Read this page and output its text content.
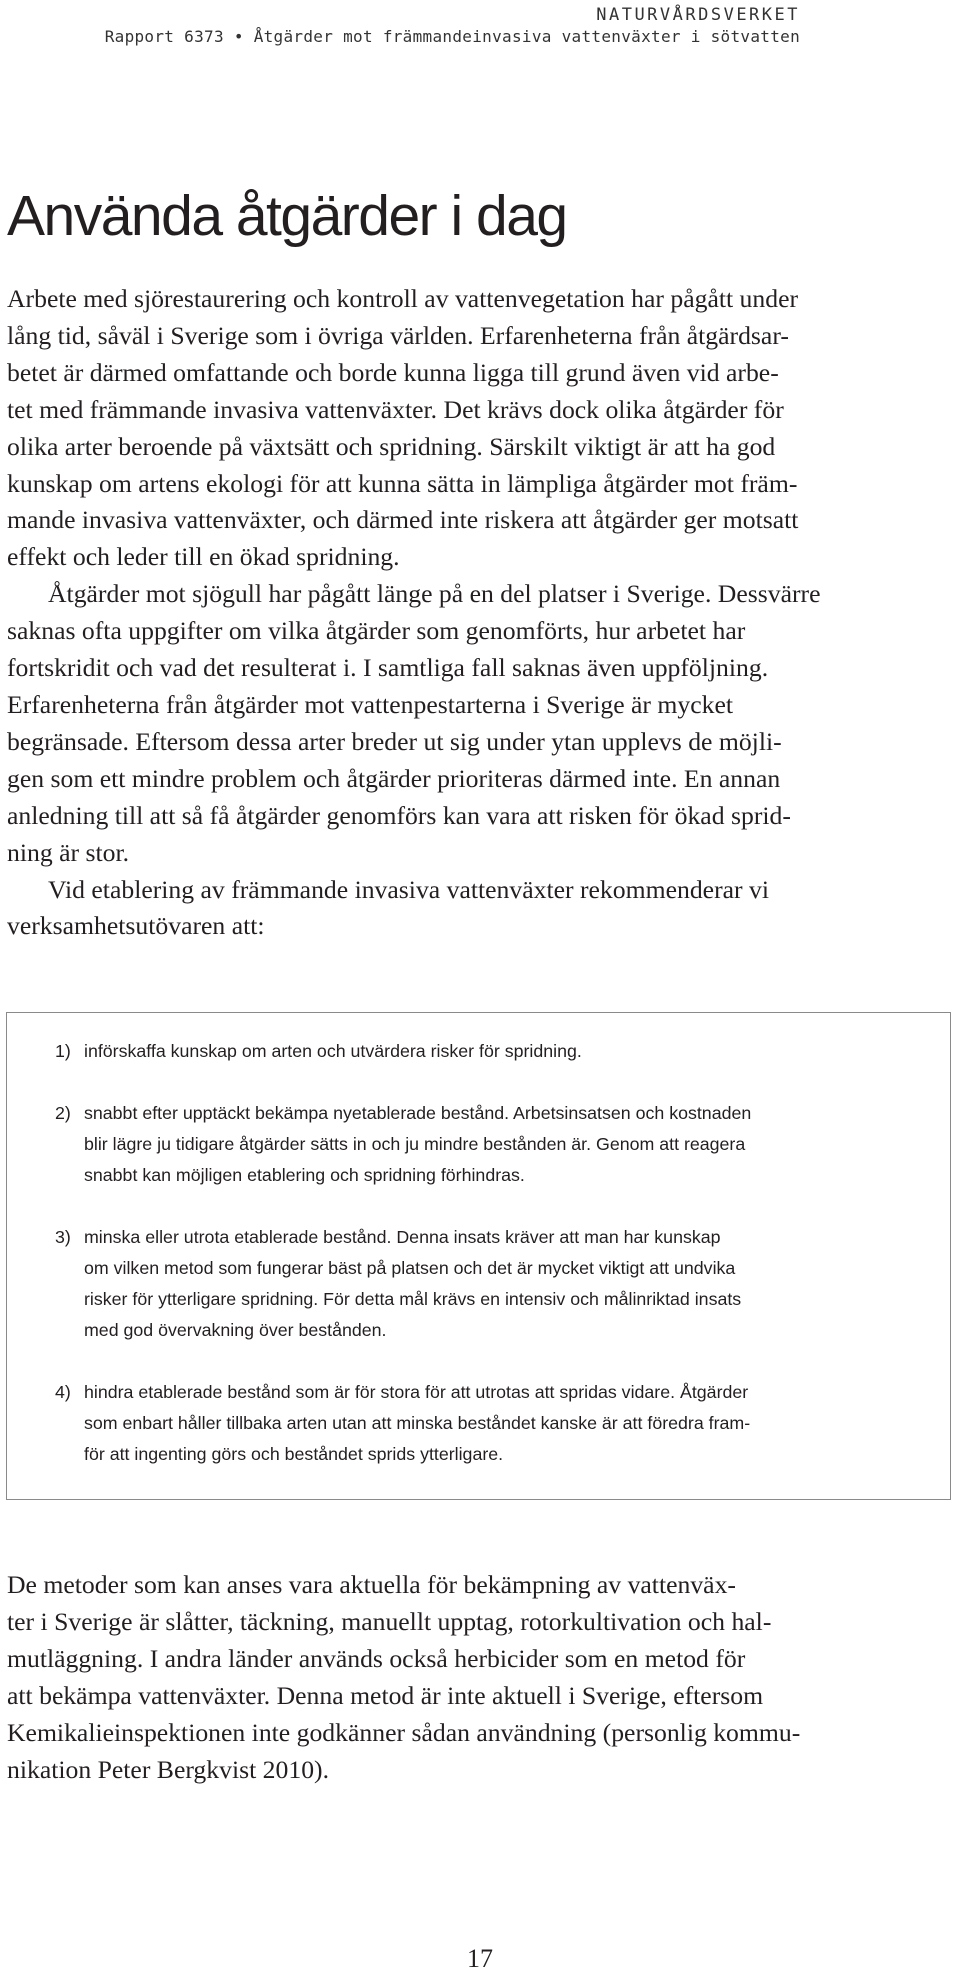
NATURVÅRDSVERKET
Rapport 6373 • Åtgärder mot främmandeinvasiva vattenväxter i sötvatten
Använda åtgärder i dag
Arbete med sjörestaurering och kontroll av vattenvegetation har pågått under
lång tid, såväl i Sverige som i övriga världen. Erfarenheterna från åtgärdsar-
betet är därmed omfattande och borde kunna ligga till grund även vid arbe-
tet med främmande invasiva vattenväxter. Det krävs dock olika åtgärder för
olika arter beroende på växtsätt och spridning. Särskilt viktigt är att ha god
kunskap om artens ekologi för att kunna sätta in lämpliga åtgärder mot främ-
mande invasiva vattenväxter, och därmed inte riskera att åtgärder ger motsatt
effekt och leder till en ökad spridning.
Åtgärder mot sjögull har pågått länge på en del platser i Sverige. Dessvärre
saknas ofta uppgifter om vilka åtgärder som genomförts, hur arbetet har
fortskridit och vad det resulterat i. I samtliga fall saknas även uppföljning.
Erfarenheterna från åtgärder mot vattenpestarterna i Sverige är mycket
begränsade. Eftersom dessa arter breder ut sig under ytan upplevs de möjli-
gen som ett mindre problem och åtgärder prioriteras därmed inte. En annan
anledning till att så få åtgärder genomförs kan vara att risken för ökad sprid-
ning är stor.
Vid etablering av främmande invasiva vattenväxter rekommenderar vi
verksamhetsutövaren att:
1) införskaffa kunskap om arten och utvärdera risker för spridning.
2) snabbt efter upptäckt bekämpa nyetablerade bestånd. Arbetsinsatsen och kostnaden
blir lägre ju tidigare åtgärder sätts in och ju mindre bestånden är. Genom att reagera
snabbt kan möjligen etablering och spridning förhindras.
3) minska eller utrota etablerade bestånd. Denna insats kräver att man har kunskap
om vilken metod som fungerar bäst på platsen och det är mycket viktigt att undvika
risker för ytterligare spridning. För detta mål krävs en intensiv och målinriktad insats
med god övervakning över bestånden.
4) hindra etablerade bestånd som är för stora för att utrotas att spridas vidare. Åtgärder
som enbart håller tillbaka arten utan att minska beståndet kanske är att föredra fram-
för att ingenting görs och beståndet sprids ytterligare.
De metoder som kan anses vara aktuella för bekämpning av vattenväx-
ter i Sverige är slåtter, täckning, manuellt upptag, rotorkultivation och hal-
mutläggning. I andra länder används också herbicider som en metod för
att bekämpa vattenväxter. Denna metod är inte aktuell i Sverige, eftersom
Kemikalieinspektionen inte godkänner sådan användning (personlig kommu-
nikation Peter Bergkvist 2010).
17
